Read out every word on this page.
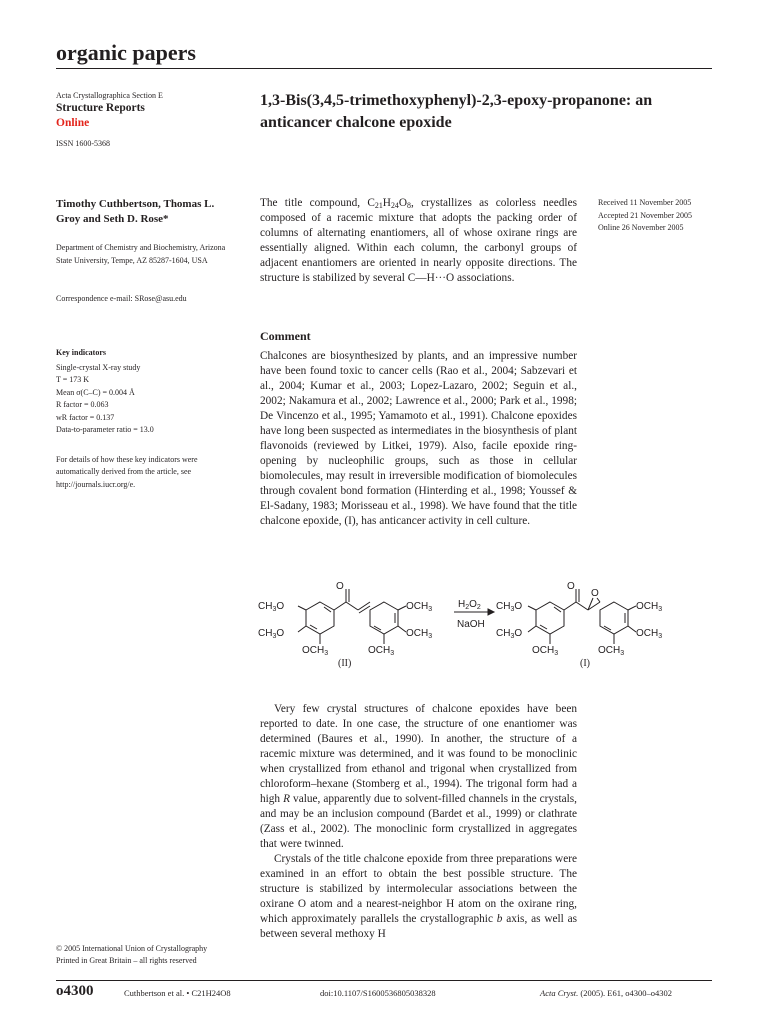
organic papers
Acta Crystallographica Section E
Structure Reports
Online
ISSN 1600-5368
1,3-Bis(3,4,5-trimethoxyphenyl)-2,3-epoxy-propanone: an anticancer chalcone epoxide
Timothy Cuthbertson, Thomas L. Groy and Seth D. Rose*
Department of Chemistry and Biochemistry, Arizona State University, Tempe, AZ 85287-1604, USA
Correspondence e-mail: SRose@asu.edu
Key indicators
Single-crystal X-ray study
T = 173 K
Mean σ(C–C) = 0.004 Å
R factor = 0.063
wR factor = 0.137
Data-to-parameter ratio = 13.0
For details of how these key indicators were automatically derived from the article, see http://journals.iucr.org/e.

The title compound, $C_{21}H_{24}O_8$, crystallizes as colorless needles composed of a racemic mixture that adopts the packing order of columns of alternating enantiomers, all of whose oxirane rings are essentially aligned. Within each column, the carbonyl groups of adjacent enantiomers are oriented in nearly opposite directions. The structure is stabilized by several C—H···O associations.

Received 11 November 2005
Accepted 21 November 2005
Online 26 November 2005
Comment

Chalcones are biosynthesized by plants, and an impressive number have been found toxic to cancer cells (Rao et al., 2004; Sabzevari et al., 2004; Kumar et al., 2003; Lopez-Lazaro, 2002; Seguin et al., 2002; Nakamura et al., 2002; Lawrence et al., 2000; Park et al., 1998; De Vincenzo et al., 1995; Yamamoto et al., 1991). Chalcone epoxides have long been suspected as intermediates in the biosynthesis of plant flavonoids (reviewed by Litkei, 1979). Also, facile epoxide ring-opening by nucleophilic groups, such as those in cellular biomolecules, may result in irreversible modification of biomolecules through covalent bond formation (Hinterding et al., 1998; Youssef & El-Sadany, 1983; Morisseau et al., 1998). We have found that the title chalcone epoxide, (I), has anticancer activity in cell culture.

O
$CH_3O$
$CH_3O$
$OCH_3$
$OCH_3$
$OCH_3$
$OCH_3$
$H_2O_2$
NaOH
$CH_3O$
$CH_3O$
$OCH_3$
O
O
$OCH_3$
$OCH_3$
$OCH_3$
(II)	(I)

Very few crystal structures of chalcone epoxides have been reported to date. In one case, the structure of one enantiomer was determined (Baures et al., 1990). In another, the structure of a racemic mixture was determined, and it was found to be monoclinic when crystallized from ethanol and trigonal when crystallized from chloroform–hexane (Stomberg et al., 1994). The trigonal form had a high R value, apparently due to solvent-filled channels in the crystals, and may be an inclusion compound (Bardet et al., 1999) or clathrate (Zass et al., 2002). The monoclinic form crystallized in aggregates that were twinned.

Crystals of the title chalcone epoxide from three preparations were examined in an effort to obtain the best possible structure. The structure is stabilized by intermolecular associations between the oxirane O atom and a nearest-neighbor H atom on the oxirane ring, which approximately parallels the crystallographic b axis, as well as between several methoxy H

© 2005 International Union of Crystallography
Printed in Great Britain – all rights reserved
o4300	Cuthbertson et al. • C21H24O8	doi:10.1107/S1600536805038328	Acta Cryst. (2005). E61, o4300–o4302
